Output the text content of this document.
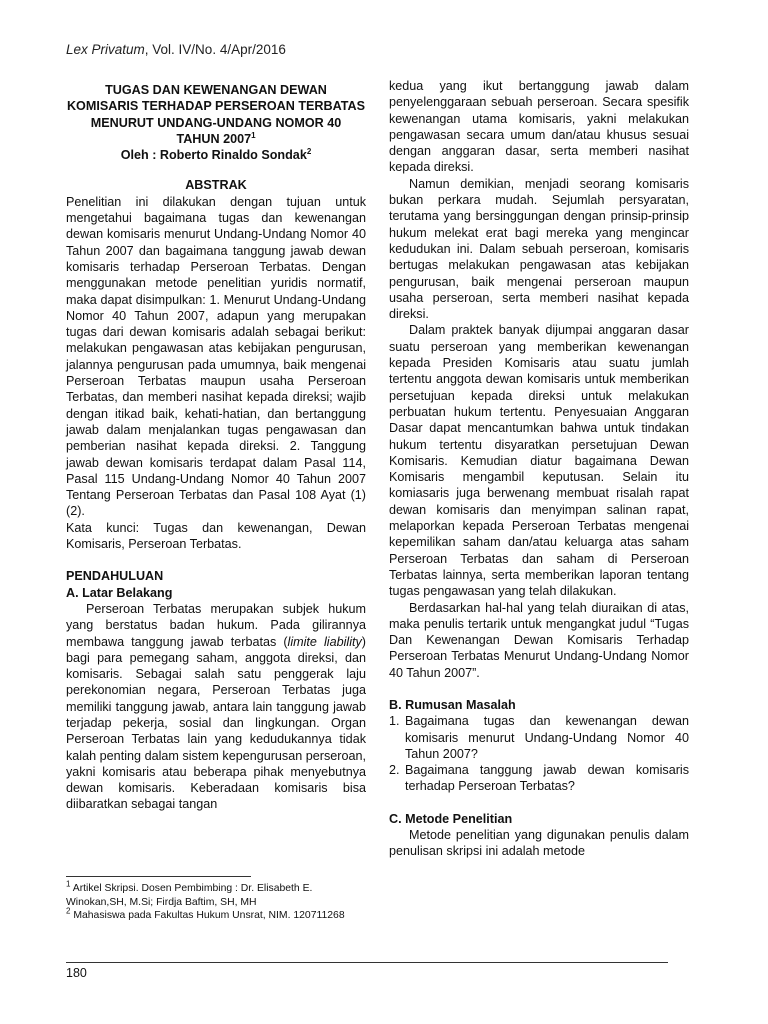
Lex Privatum, Vol. IV/No. 4/Apr/2016
TUGAS DAN KEWENANGAN DEWAN
KOMISARIS TERHADAP PERSEROAN TERBATAS
MENURUT UNDANG-UNDANG NOMOR 40
TAHUN 2007$^1$
Oleh : Roberto Rinaldo Sondak$^2$
ABSTRAK

Penelitian ini dilakukan dengan tujuan untuk mengetahui bagaimana tugas dan kewenangan dewan komisaris menurut Undang-Undang Nomor 40 Tahun 2007 dan bagaimana tanggung jawab dewan komisaris terhadap Perseroan Terbatas. Dengan menggunakan metode penelitian yuridis normatif, maka dapat disimpulkan: 1. Menurut Undang-Undang Nomor 40 Tahun 2007, adapun yang merupakan tugas dari dewan komisaris adalah sebagai berikut: melakukan pengawasan atas kebijakan pengurusan, jalannya pengurusan pada umumnya, baik mengenai Perseroan Terbatas maupun usaha Perseroan Terbatas, dan memberi nasihat kepada direksi; wajib dengan itikad baik, kehati-hatian, dan bertanggung jawab dalam menjalankan tugas pengawasan dan pemberian nasihat kepada direksi. 2. Tanggung jawab dewan komisaris terdapat dalam Pasal 114, Pasal 115 Undang-Undang Nomor 40 Tahun 2007 Tentang Perseroan Terbatas dan Pasal 108 Ayat (1) (2).

Kata kunci: Tugas dan kewenangan, Dewan Komisaris, Perseroan Terbatas.

PENDAHULUAN
A. Latar Belakang

Perseroan Terbatas merupakan subjek hukum yang berstatus badan hukum. Pada gilirannya membawa tanggung jawab terbatas (limite liability) bagi para pemegang saham, anggota direksi, dan komisaris. Sebagai salah satu penggerak laju perekonomian negara, Perseroan Terbatas juga memiliki tanggung jawab, antara lain tanggung jawab terjadap pekerja, sosial dan lingkungan. Organ Perseroan Terbatas lain yang kedudukannya tidak kalah penting dalam sistem kepengurusan perseroan, yakni komisaris atau beberapa pihak menyebutnya dewan komisaris. Keberadaan komisaris bisa diibaratkan sebagai tangan

$^1$ Artikel Skripsi. Dosen Pembimbing : Dr. Elisabeth E. Winokan,SH, M.Si; Firdja Baftim, SH, MH

$^2$ Mahasiswa pada Fakultas Hukum Unsrat, NIM. 120711268

kedua yang ikut bertanggung jawab dalam penyelenggaraan sebuah perseroan. Secara spesifik kewenangan utama komisaris, yakni melakukan pengawasan secara umum dan/atau khusus sesuai dengan anggaran dasar, serta memberi nasihat kepada direksi.

Namun demikian, menjadi seorang komisaris bukan perkara mudah. Sejumlah persyaratan, terutama yang bersinggungan dengan prinsip-prinsip hukum melekat erat bagi mereka yang mengincar kedudukan ini. Dalam sebuah perseroan, komisaris bertugas melakukan pengawasan atas kebijakan pengurusan, baik mengenai perseroan maupun usaha perseroan, serta memberi nasihat kepada direksi.

Dalam praktek banyak dijumpai anggaran dasar suatu perseroan yang memberikan kewenangan kepada Presiden Komisaris atau suatu jumlah tertentu anggota dewan komisaris untuk memberikan persetujuan kepada direksi untuk melakukan perbuatan hukum tertentu. Penyesuaian Anggaran Dasar dapat mencantumkan bahwa untuk tindakan hukum tertentu disyaratkan persetujuan Dewan Komisaris. Kemudian diatur bagaimana Dewan Komisaris mengambil keputusan. Selain itu komiasaris juga berwenang membuat risalah rapat dewan komisaris dan menyimpan salinan rapat, melaporkan kepada Perseroan Terbatas mengenai kepemilikan saham dan/atau keluarga atas saham Perseroan Terbatas dan saham di Perseroan Terbatas lainnya, serta memberikan laporan tentang tugas pengawasan yang telah dilakukan.

Berdasarkan hal-hal yang telah diuraikan di atas, maka penulis tertarik untuk mengangkat judul “Tugas Dan Kewenangan Dewan Komisaris Terhadap Perseroan Terbatas Menurut Undang-Undang Nomor 40 Tahun 2007”.

B. Rumusan Masalah
1. Bagaimana tugas dan kewenangan dewan komisaris menurut Undang-Undang Nomor 40 Tahun 2007?
2. Bagaimana tanggung jawab dewan komisaris terhadap Perseroan Terbatas?
C. Metode Penelitian

Metode penelitian yang digunakan penulis dalam penulisan skripsi ini adalah metode

180
